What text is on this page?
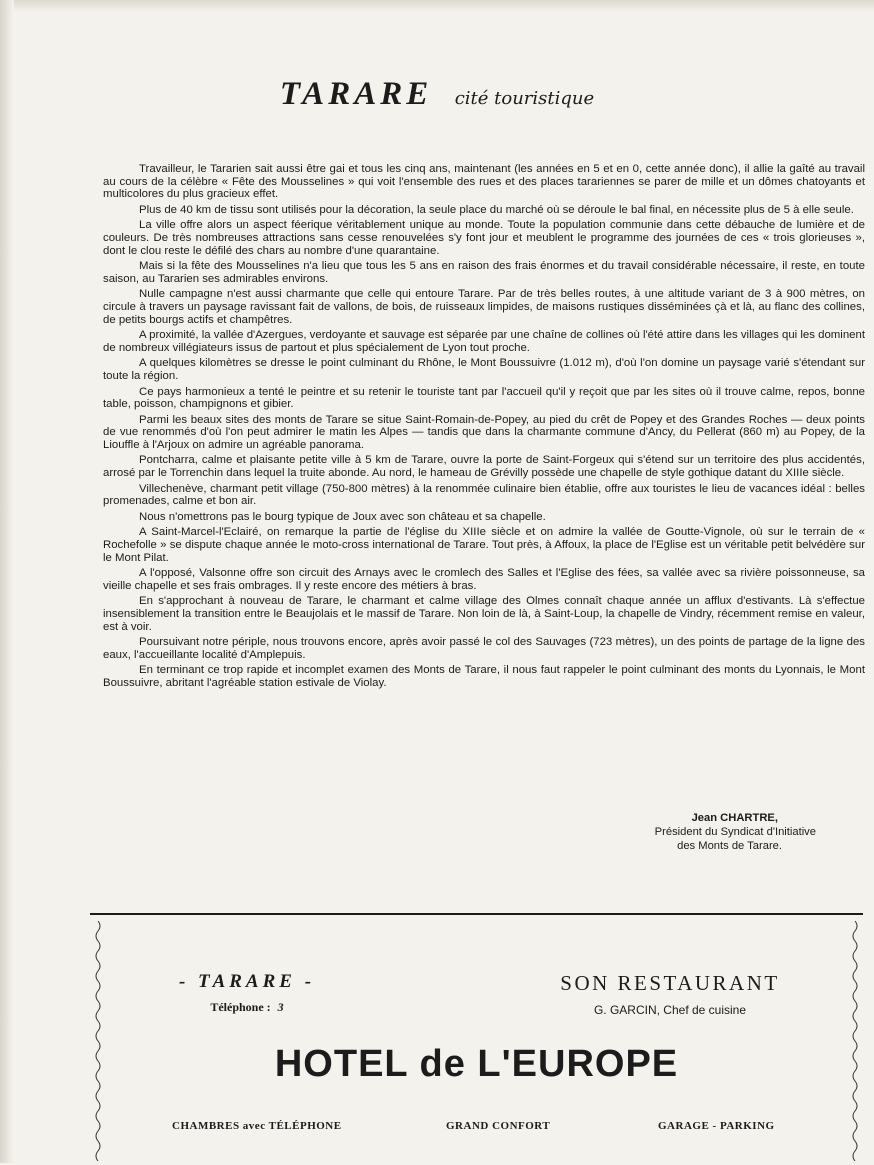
TARARE cité touristique

Travailleur, le Tararien sait aussi être gai et tous les cinq ans, maintenant (les années en 5 et en 0, cette année donc), il allie la gaîté au travail au cours de la célèbre « Fête des Mousselines » qui voit l'ensemble des rues et des places tarariennes se parer de mille et un dômes chatoyants et multicolores du plus gracieux effet.

Plus de 40 km de tissu sont utilisés pour la décoration, la seule place du marché où se déroule le bal final, en nécessite plus de 5 à elle seule.

La ville offre alors un aspect féerique véritablement unique au monde. Toute la population communie dans cette débauche de lumière et de couleurs. De très nombreuses attractions sans cesse renouvelées s'y font jour et meublent le programme des journées de ces « trois glorieuses », dont le clou reste le défilé des chars au nombre d'une quarantaine.

Mais si la fête des Mousselines n'a lieu que tous les 5 ans en raison des frais énormes et du travail considérable nécessaire, il reste, en toute saison, au Tararien ses admirables environs.

Nulle campagne n'est aussi charmante que celle qui entoure Tarare. Par de très belles routes, à une altitude variant de 3 à 900 mètres, on circule à travers un paysage ravissant fait de vallons, de bois, de ruisseaux limpides, de maisons rustiques disséminées çà et là, au flanc des collines, de petits bourgs actifs et champêtres.

A proximité, la vallée d'Azergues, verdoyante et sauvage est séparée par une chaîne de collines où l'été attire dans les villages qui les dominent de nombreux villégiateurs issus de partout et plus spécialement de Lyon tout proche.

A quelques kilomètres se dresse le point culminant du Rhône, le Mont Boussuivre (1.012 m), d'où l'on domine un paysage varié s'étendant sur toute la région.

Ce pays harmonieux a tenté le peintre et su retenir le touriste tant par l'accueil qu'il y reçoit que par les sites où il trouve calme, repos, bonne table, poisson, champignons et gibier.

Parmi les beaux sites des monts de Tarare se situe Saint-Romain-de-Popey, au pied du crêt de Popey et des Grandes Roches — deux points de vue renommés d'où l'on peut admirer le matin les Alpes — tandis que dans la charmante commune d'Ancy, du Pellerat (860 m) au Popey, de la Liouffle à l'Arjoux on admire un agréable panorama.

Pontcharra, calme et plaisante petite ville à 5 km de Tarare, ouvre la porte de Saint-Forgeux qui s'étend sur un territoire des plus accidentés, arrosé par le Torrenchin dans lequel la truite abonde. Au nord, le hameau de Grévilly possède une chapelle de style gothique datant du XIIIe siècle.

Villechenève, charmant petit village (750-800 mètres) à la renommée culinaire bien établie, offre aux touristes le lieu de vacances idéal : belles promenades, calme et bon air.

Nous n'omettrons pas le bourg typique de Joux avec son château et sa chapelle.

A Saint-Marcel-l'Eclairé, on remarque la partie de l'église du XIIIe siècle et on admire la vallée de Goutte-Vignole, où sur le terrain de « Rochefolle » se dispute chaque année le moto-cross international de Tarare. Tout près, à Affoux, la place de l'Eglise est un véritable petit belvédère sur le Mont Pilat.

A l'opposé, Valsonne offre son circuit des Arnays avec le cromlech des Salles et l'Eglise des fées, sa vallée avec sa rivière poissonneuse, sa vieille chapelle et ses frais ombrages. Il y reste encore des métiers à bras.

En s'approchant à nouveau de Tarare, le charmant et calme village des Olmes connaît chaque année un afflux d'estivants. Là s'effectue insensiblement la transition entre le Beaujolais et le massif de Tarare. Non loin de là, à Saint-Loup, la chapelle de Vindry, récemment remise en valeur, est à voir.

Poursuivant notre périple, nous trouvons encore, après avoir passé le col des Sauvages (723 mètres), un des points de partage de la ligne des eaux, l'accueillante localité d'Amplepuis.

En terminant ce trop rapide et incomplet examen des Monts de Tarare, il nous faut rappeler le point culminant des monts du Lyonnais, le Mont Boussuivre, abritant l'agréable station estivale de Violay.

Jean CHARTRE,
Président du Syndicat d'Initiative
des Monts de Tarare.
- TARARE -
Téléphone : 3
SON RESTAURANT
G. GARCIN, Chef de cuisine
HOTEL de L'EUROPE
CHAMBRES avec TÉLÉPHONE	GRAND CONFORT	GARAGE - PARKING
